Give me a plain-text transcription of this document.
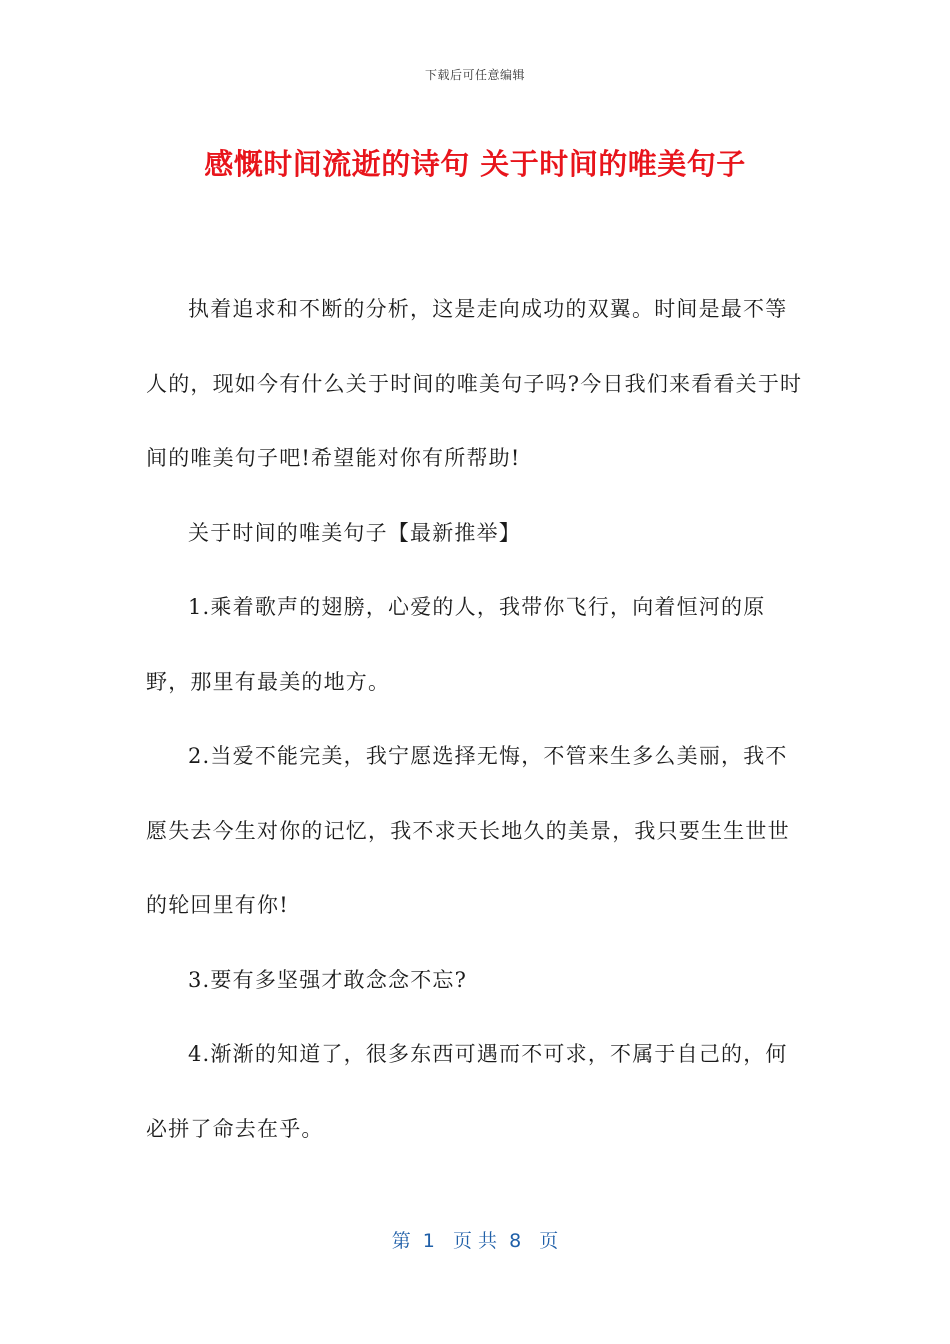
下载后可任意编辑
感慨时间流逝的诗句 关于时间的唯美句子

执着追求和不断的分析，这是走向成功的双翼。时间是最不等人的，现如今有什么关于时间的唯美句子吗?今日我们来看看关于时间的唯美句子吧!希望能对你有所帮助!

关于时间的唯美句子【最新推举】

1.乘着歌声的翅膀，心爱的人，我带你飞行，向着恒河的原野，那里有最美的地方。

2.当爱不能完美，我宁愿选择无悔，不管来生多么美丽，我不愿失去今生对你的记忆，我不求天长地久的美景，我只要生生世世的轮回里有你!

3.要有多坚强才敢念念不忘?

4.渐渐的知道了，很多东西可遇而不可求，不属于自己的，何必拼了命去在乎。

第  1   页 共  8   页
